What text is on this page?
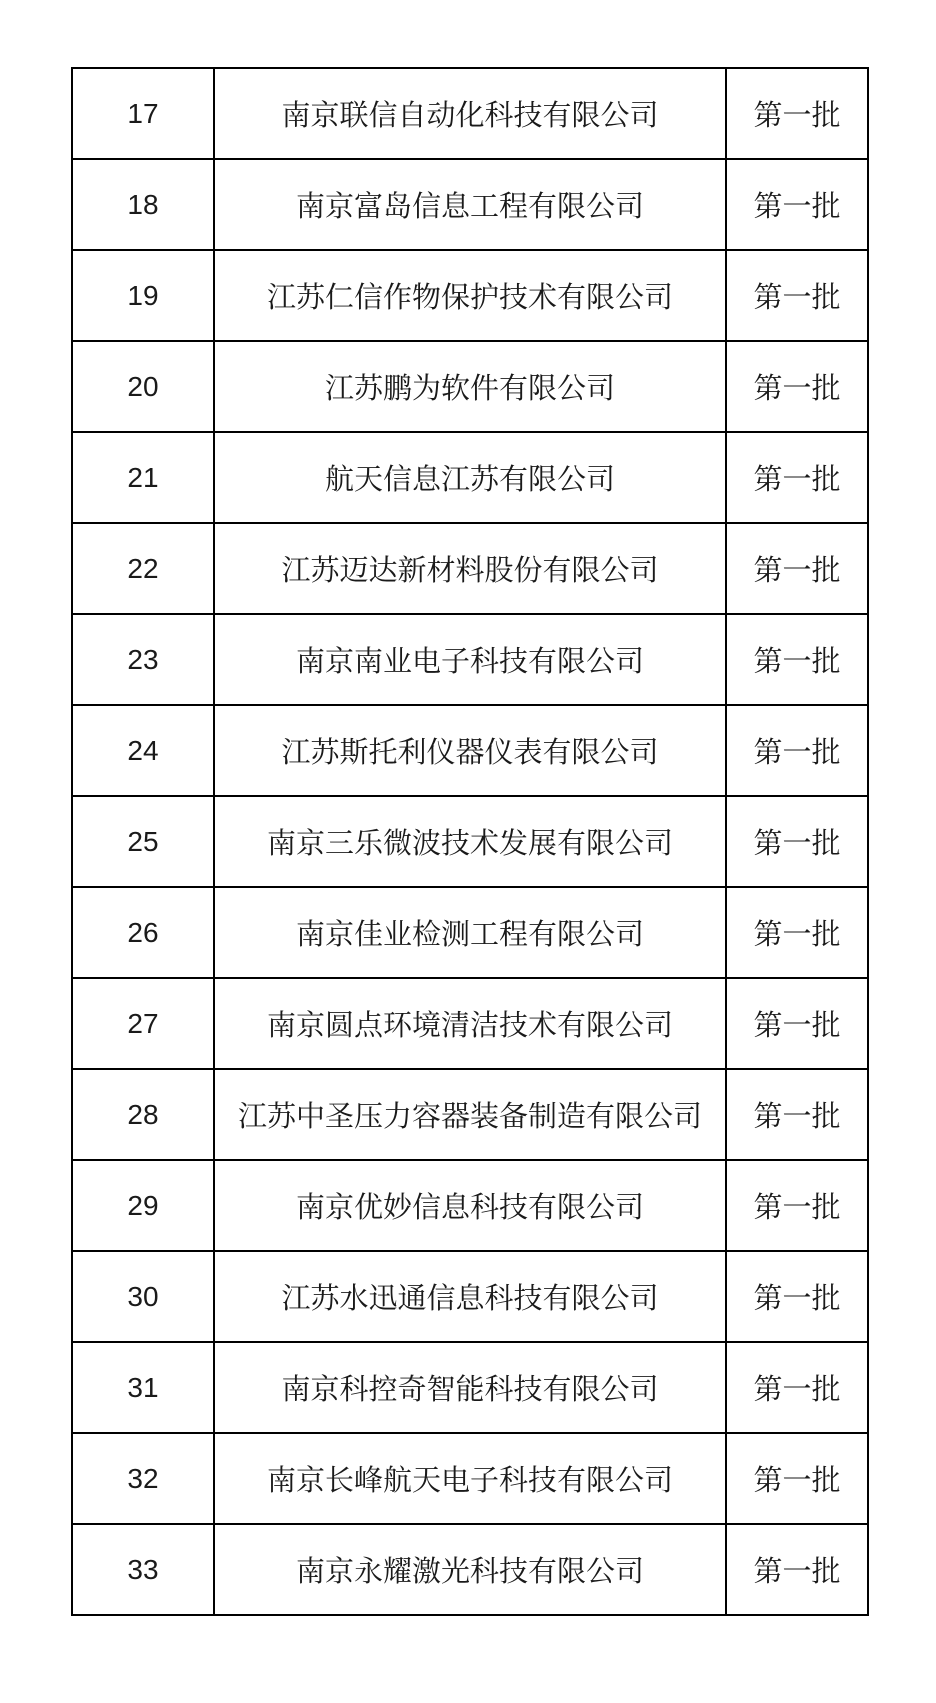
17	南京联信自动化科技有限公司	第一批
18	南京富岛信息工程有限公司	第一批
19	江苏仁信作物保护技术有限公司	第一批
20	江苏鹏为软件有限公司	第一批
21	航天信息江苏有限公司	第一批
22	江苏迈达新材料股份有限公司	第一批
23	南京南业电子科技有限公司	第一批
24	江苏斯托利仪器仪表有限公司	第一批
25	南京三乐微波技术发展有限公司	第一批
26	南京佳业检测工程有限公司	第一批
27	南京圆点环境清洁技术有限公司	第一批
28	江苏中圣压力容器装备制造有限公司	第一批
29	南京优妙信息科技有限公司	第一批
30	江苏水迅通信息科技有限公司	第一批
31	南京科控奇智能科技有限公司	第一批
32	南京长峰航天电子科技有限公司	第一批
33	南京永耀激光科技有限公司	第一批
